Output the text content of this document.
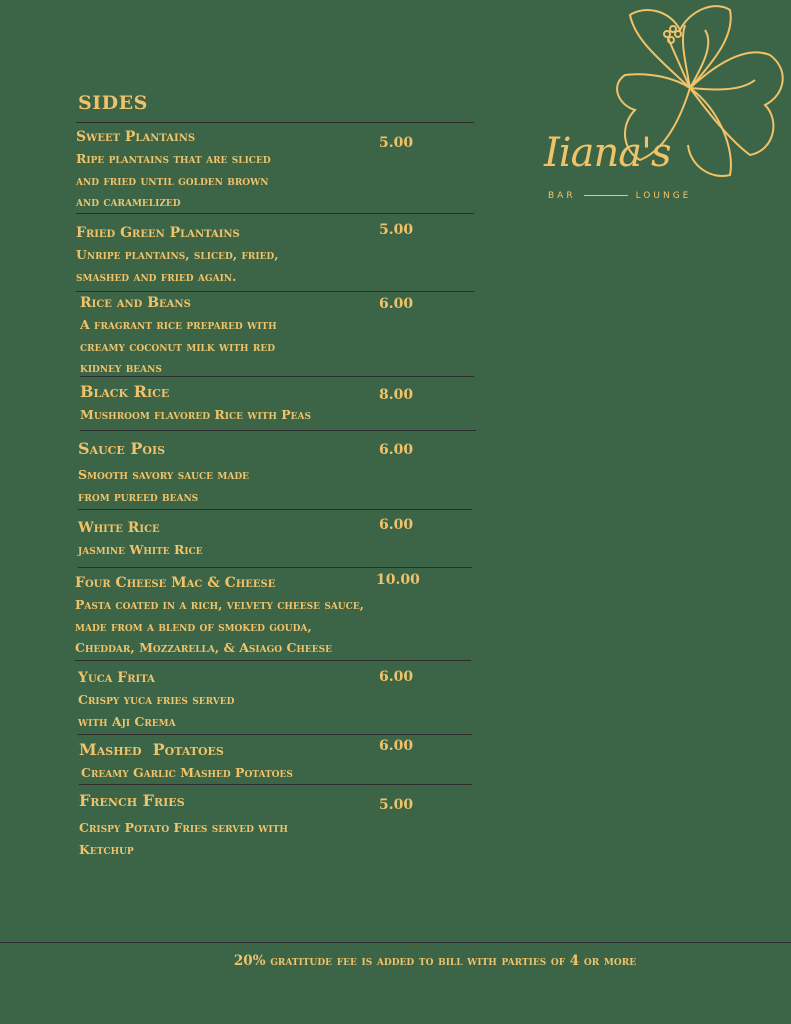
Iiana's
BAR	LOUNGE
SIDES

Sweet Plantains

Ripe plantains that are sliced
and fried until golden brown
and caramelized

5.00

Fried Green Plantains

Unripe plantains, sliced, fried,
smashed and fried again.

5.00

Rice and Beans

A fragrant rice prepared with
creamy coconut milk with red
kidney beans

6.00

Black Rice

Mushroom flavored Rice with Peas

8.00

Sauce Pois

Smooth savory sauce made
from pureed beans

6.00

White Rice

jasmine White Rice

6.00

Four Cheese Mac & Cheese

Pasta coated in a rich, velvety cheese sauce,
made from a blend of smoked gouda,
Cheddar, Mozzarella, & Asiago Cheese

10.00

Yuca Frita

Crispy yuca fries served
with Aji Crema

6.00

Mashed  Potatoes

Creamy Garlic Mashed Potatoes

6.00

French Fries

Crispy Potato Fries served with
Ketchup

5.00
20% gratitude fee is added to bill with parties of 4 or more
